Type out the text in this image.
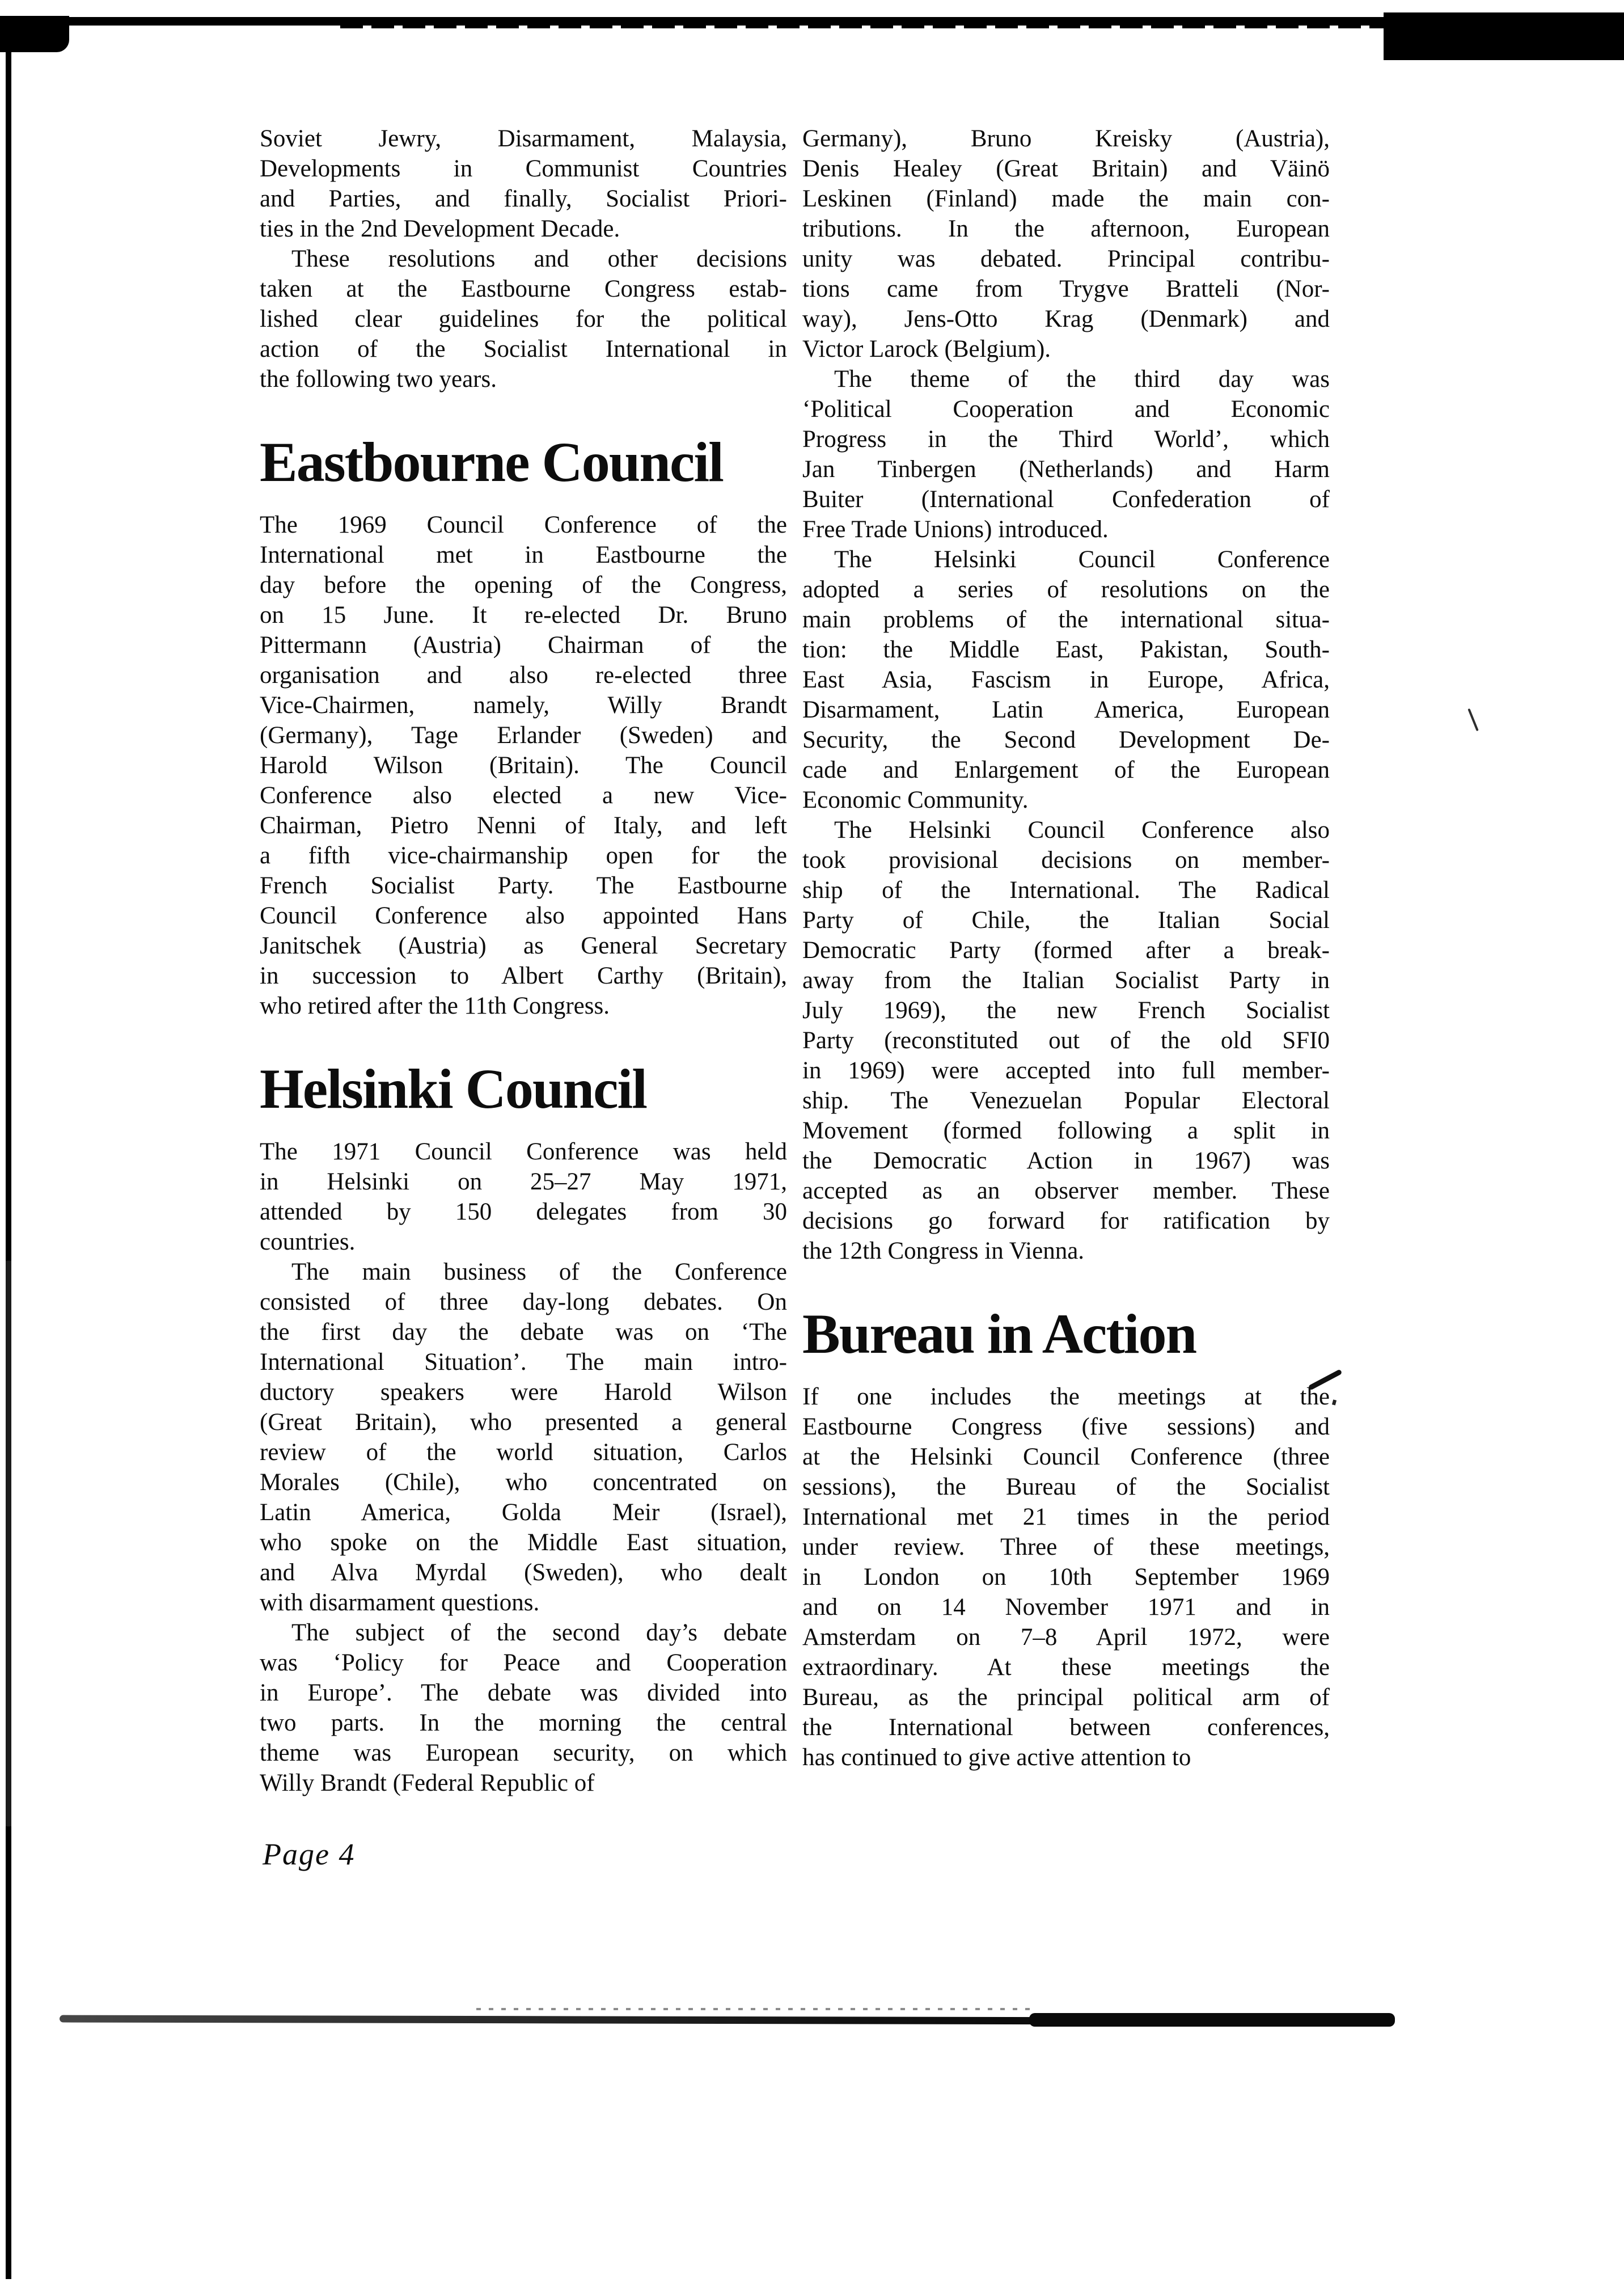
Soviet Jewry, Disarmament, Malaysia,
Developments in Communist Countries
and Parties, and finally, Socialist Priori-
ties in the 2nd Development Decade.
These resolutions and other decisions
taken at the Eastbourne Congress estab-
lished clear guidelines for the political
action of the Socialist International in
the following two years.
Eastbourne Council
The 1969 Council Conference of the
International met in Eastbourne the
day before the opening of the Congress,
on 15 June. It re-elected Dr. Bruno
Pittermann (Austria) Chairman of the
organisation and also re-elected three
Vice-Chairmen, namely, Willy Brandt
(Germany), Tage Erlander (Sweden) and
Harold Wilson (Britain). The Council
Conference also elected a new Vice-
Chairman, Pietro Nenni of Italy, and left
a fifth vice-chairmanship open for the
French Socialist Party. The Eastbourne
Council Conference also appointed Hans
Janitschek (Austria) as General Secretary
in succession to Albert Carthy (Britain),
who retired after the 11th Congress.
Helsinki Council
The 1971 Council Conference was held
in Helsinki on 25–27 May 1971,
attended by 150 delegates from 30
countries.
The main business of the Conference
consisted of three day-long debates. On
the first day the debate was on ‘The
International Situation’. The main intro-
ductory speakers were Harold Wilson
(Great Britain), who presented a general
review of the world situation, Carlos
Morales (Chile), who concentrated on
Latin America, Golda Meir (Israel),
who spoke on the Middle East situation,
and Alva Myrdal (Sweden), who dealt
with disarmament questions.
The subject of the second day’s debate
was ‘Policy for Peace and Cooperation
in Europe’. The debate was divided into
two parts. In the morning the central
theme was European security, on which
Willy Brandt (Federal Republic of
Germany), Bruno Kreisky (Austria),
Denis Healey (Great Britain) and Väinö
Leskinen (Finland) made the main con-
tributions. In the afternoon, European
unity was debated. Principal contribu-
tions came from Trygve Bratteli (Nor-
way), Jens-Otto Krag (Denmark) and
Victor Larock (Belgium).
The theme of the third day was
‘Political Cooperation and Economic
Progress in the Third World’, which
Jan Tinbergen (Netherlands) and Harm
Buiter (International Confederation of
Free Trade Unions) introduced.
The Helsinki Council Conference
adopted a series of resolutions on the
main problems of the international situa-
tion: the Middle East, Pakistan, South-
East Asia, Fascism in Europe, Africa,
Disarmament, Latin America, European
Security, the Second Development De-
cade and Enlargement of the European
Economic Community.
The Helsinki Council Conference also
took provisional decisions on member-
ship of the International. The Radical
Party of Chile, the Italian Social
Democratic Party (formed after a break-
away from the Italian Socialist Party in
July 1969), the new French Socialist
Party (reconstituted out of the old SFI0
in 1969) were accepted into full member-
ship. The Venezuelan Popular Electoral
Movement (formed following a split in
the Democratic Action in 1967) was
accepted as an observer member. These
decisions go forward for ratification by
the 12th Congress in Vienna.
Bureau in Action
If one includes the meetings at the
Eastbourne Congress (five sessions) and
at the Helsinki Council Conference (three
sessions), the Bureau of the Socialist
International met 21 times in the period
under review. Three of these meetings,
in London on 10th September 1969
and on 14 November 1971 and in
Amsterdam on 7–8 April 1972, were
extraordinary. At these meetings the
Bureau, as the principal political arm of
the International between conferences,
has continued to give active attention to
Page 4
